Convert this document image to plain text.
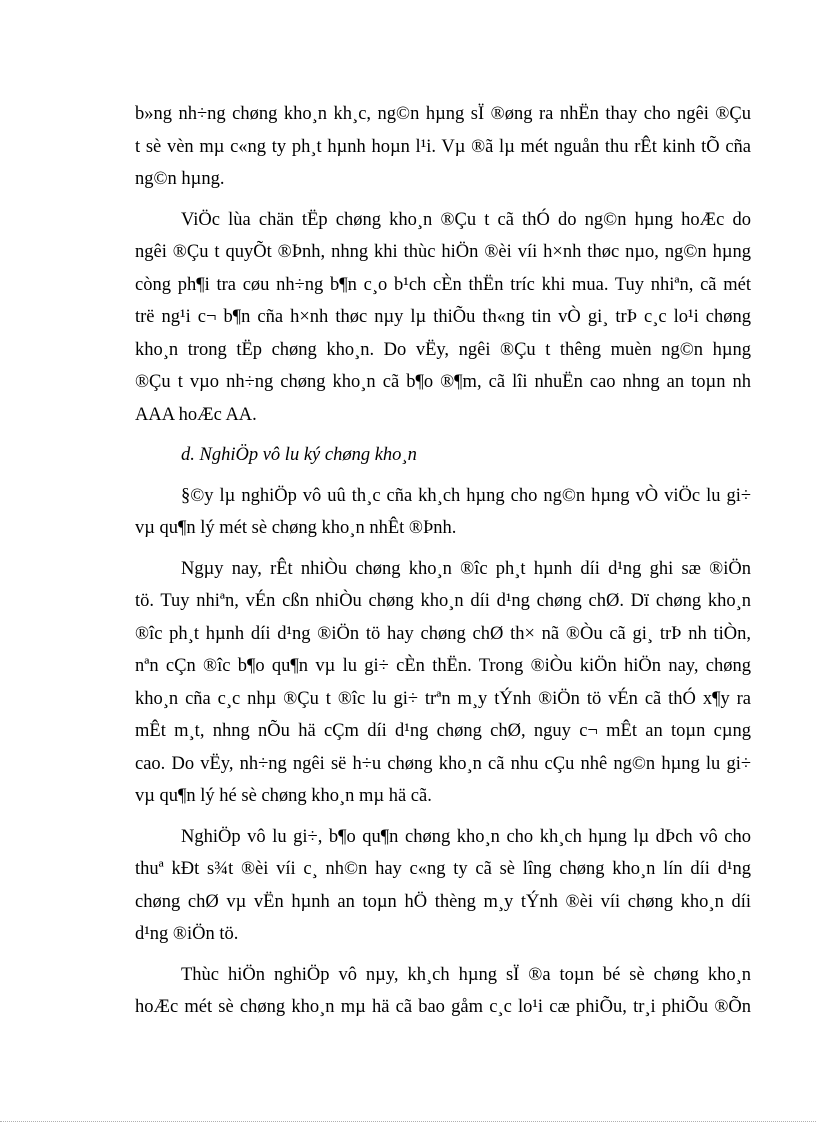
b»ng nh÷ng chøng kho¸n kh¸c, ng©n hµng sÏ ®øng ra nhËn thay cho ngêi ®Çu
t sè vèn mµ c«ng ty ph¸t hµnh hoµn l¹i. Vµ ®ã lµ mét nguån thu rÊt kinh tÕ cña
ng©n hµng.
ViÖc lùa chän tËp chøng kho¸n ®Çu t cã thÓ do ng©n hµng hoÆc do
ngêi ®Çu t quyÕt ®Þnh, nhng khi thùc hiÖn ®èi víi h×nh thøc nµo, ng©n hµng
còng ph¶i tra cøu nh÷ng b¶n c¸o b¹ch cÈn thËn tríc khi mua. Tuy nhiªn, cã mét
trë ng¹i c¬ b¶n cña h×nh thøc nµy lµ thiÕu th«ng tin vÒ gi¸ trÞ c¸c lo¹i chøng
kho¸n trong tËp chøng kho¸n. Do vËy, ngêi ®Çu t thêng muèn ng©n hµng
®Çu t vµo nh÷ng chøng kho¸n cã b¶o ®¶m, cã lîi nhuËn cao nhng an toµn nh
AAA hoÆc AA.
d. NghiÖp vô lu ký chøng kho¸n
§©y lµ nghiÖp vô uû th¸c cña kh¸ch hµng cho ng©n hµng vÒ viÖc lu gi÷
vµ qu¶n lý mét sè chøng kho¸n nhÊt ®Þnh.
Ngµy nay, rÊt nhiÒu chøng kho¸n ®îc ph¸t hµnh díi d¹ng ghi sæ ®iÖn
tö. Tuy nhiªn, vÉn cßn nhiÒu chøng kho¸n díi d¹ng chøng chØ. Dï chøng kho¸n
®îc ph¸t hµnh díi d¹ng ®iÖn tö hay chøng chØ th× nã ®Òu cã gi¸ trÞ nh tiÒn,
nªn cÇn ®îc b¶o qu¶n vµ lu gi÷ cÈn thËn. Trong ®iÒu kiÖn hiÖn nay, chøng
kho¸n cña c¸c nhµ ®Çu t ®îc lu gi÷ trªn m¸y tÝnh ®iÖn tö vÉn cã thÓ x¶y ra
mÊt m¸t, nhng nÕu hä cÇm díi d¹ng chøng chØ, nguy c¬ mÊt an toµn cµng
cao. Do vËy, nh÷ng ngêi së h÷u chøng kho¸n cã nhu cÇu nhê ng©n hµng lu gi÷
vµ qu¶n lý hé sè chøng kho¸n mµ hä cã.
NghiÖp vô lu gi÷, b¶o qu¶n chøng kho¸n cho kh¸ch hµng lµ dÞch vô cho
thuª kÐt s¾t ®èi víi c¸ nh©n hay c«ng ty cã sè lîng chøng kho¸n lín díi d¹ng
chøng chØ vµ vËn hµnh an toµn hÖ thèng m¸y tÝnh ®èi víi chøng kho¸n díi
d¹ng ®iÖn tö.
Thùc hiÖn nghiÖp vô nµy, kh¸ch hµng sÏ ®a toµn bé sè chøng kho¸n
hoÆc mét sè chøng kho¸n mµ hä cã bao gåm c¸c lo¹i cæ phiÕu, tr¸i phiÕu ®Õn
